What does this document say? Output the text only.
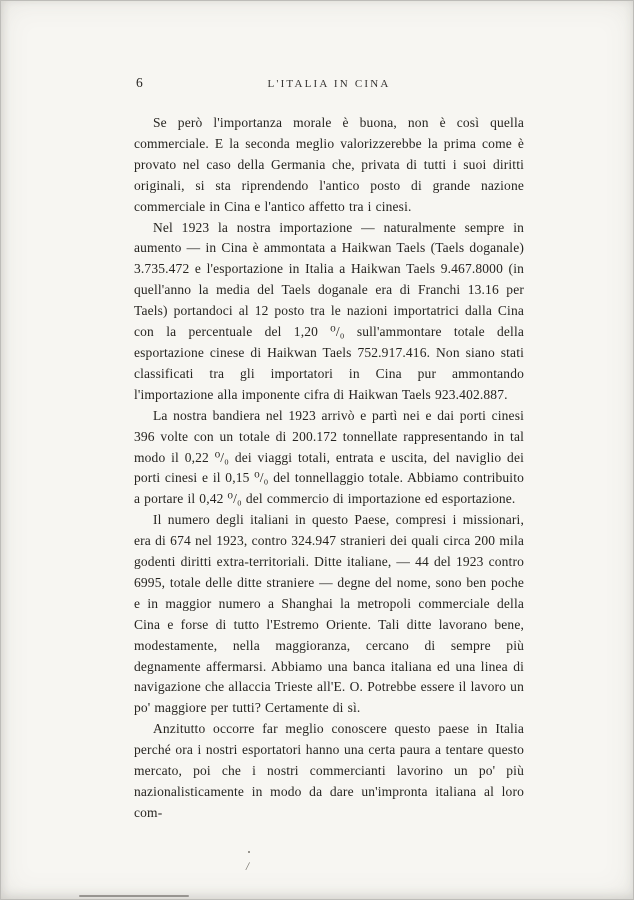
6	L'ITALIA IN CINA

Se però l'importanza morale è buona, non è così quella commerciale. E la seconda meglio valorizzerebbe la prima come è provato nel caso della Germania che, privata di tutti i suoi diritti originali, si sta riprendendo l'antico posto di grande nazione commerciale in Cina e l'antico affetto tra i cinesi.

Nel 1923 la nostra importazione — naturalmente sempre in aumento — in Cina è ammontata a Haikwan Taels (Taels doganale) 3.735.472 e l'esportazione in Italia a Haikwan Taels 9.467.8000 (in quell'anno la media del Taels doganale era di Franchi 13.16 per Taels) portandoci al 12 posto tra le nazioni importatrici dalla Cina con la percentuale del 1,20 ⁰/₀ sull'ammontare totale della esportazione cinese di Haikwan Taels 752.917.416. Non siano stati classificati tra gli importatori in Cina pur ammontando l'importazione alla imponente cifra di Haikwan Taels 923.402.887.

La nostra bandiera nel 1923 arrivò e partì nei e dai porti cinesi 396 volte con un totale di 200.172 tonnellate rappresentando in tal modo il 0,22 ⁰/₀ dei viaggi totali, entrata e uscita, del naviglio dei porti cinesi e il 0,15 ⁰/₀ del tonnellaggio totale. Abbiamo contribuito a portare il 0,42 ⁰/₀ del commercio di importazione ed esportazione.

Il numero degli italiani in questo Paese, compresi i missionari, era di 674 nel 1923, contro 324.947 stranieri dei quali circa 200 mila godenti diritti extra-territoriali. Ditte italiane, — 44 del 1923 contro 6995, totale delle ditte straniere — degne del nome, sono ben poche e in maggior numero a Shanghai la metropoli commerciale della Cina e forse di tutto l'Estremo Oriente. Tali ditte lavorano bene, modestamente, nella maggioranza, cercano di sempre più degnamente affermarsi. Abbiamo una banca italiana ed una linea di navigazione che allaccia Trieste all'E. O. Potrebbe essere il lavoro un po' maggiore per tutti? Certamente di sì.

Anzitutto occorre far meglio conoscere questo paese in Italia perché ora i nostri esportatori hanno una certa paura a tentare questo mercato, poi che i nostri commercianti lavorino un po' più nazionalisticamente in modo da dare un'impronta italiana al loro com-

/
